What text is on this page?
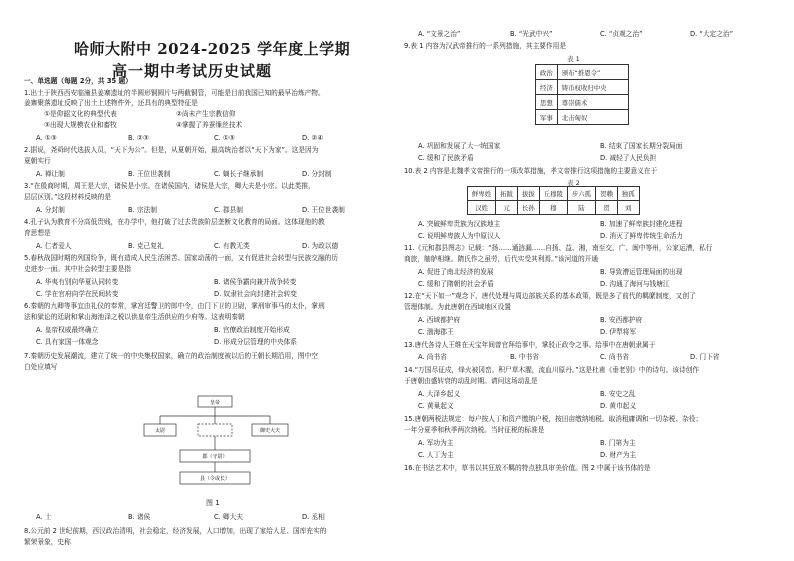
哈师大附中 2024-2025 学年度上学期
高一期中考试历史试题
一、单选题（每题 2分，共 35 题）
1.出土于陕西西安临潼县姜寨遗址的半圆形铜圆片与两截铜管，可能是目前我国已知的最早冶炼产物。
姜寨聚落遗址反映了出土上述物件外，还具有的典型特征是
①是仰韶文化的典型代表	②尚未产生宗教信仰
③出现大规模农业和畜牧	④掌握了养蚕缫丝技术
A. ①③	B. ②③	C. ①③	D. ②④
2.据说，尧舜时代选拔人员，“天下为公”。但是，从夏朝开始，最高统治者以“天下为家”。这是因为
夏朝实行
A. 禅让制	B. 王位世袭制	C. 嫡长子继承制	D. 分封制
3.“在殷商时期，周王是大宗，诸侯是小宗。在诸侯国内，诸侯是大宗，卿大夫是小宗。以此类推，
层层区别。”这段材料反映的是
A. 分封制	B. 宗法制	C. 郡县制	D. 王位世袭制
4.孔子认为教育不分高低贵贱，在办学中，他打破了过去贵族阶层垄断文化教育的局面。这体现他的教
育思想是
A. 仁者爱人	B. 克己复礼	C. 有教无类	D. 为政以德
5.春秋战国时期的列国纷争，既有造成人民生活困苦、国家动荡的一面，又有促进社会转型与民族交融的历
史进步一面。其中社会转型主要是指
A. 华夷有别向华夏认同转变	B. 诸侯争霸向兼并战争转变
C. 学在官府向学在民间转变	D. 奴隶社会向封建社会转变
6.秦朝的九卿等事宜由礼仪的奉常，掌宫廷警卫的郎中令，由门下卫的卫尉，掌刑审事马的太仆，掌刑
法和狱讼的廷尉和掌山海池泽之税以供皇帝生活供应的少府等。这表明秦朝
A. 皇帝权威最终确立	B. 官僚政治制度开始形成
C. 具有家国一体观念	D. 形成分层管理的中央体系
7.秦朝历史发展潮流，建立了统一的中央集权国家，确立的政治制度被以后的王朝长期沿用，图中空
白处应填写
皇帝
太尉	御史大夫
郡（守尉）
县（令或长）
图 1
A. 士	B. 诸侯	C. 卿大夫	D. 丞相
8.公元前 2 世纪前期，西汉政治清明，社会稳定，经济发展，人口增加，出现了家给人足、国库充实的
繁荣景象，史称
A. “文景之治”	B. “光武中兴”	C. “贞观之治”	D. “大定之治”
9.表 1 内容为汉武帝推行的一系列措施，其主要作用是
表 1
政治	颁布“推恩令”
经济	铸币权收归中央
思想	尊崇儒术
军事	北击匈奴
A. 巩固和发展了大一统国家	B. 结束了国家长期分裂局面
C. 缓和了民族矛盾	D. 减轻了人民负担
10.表 2 内容是北魏孝文帝推行的一项改革措施，孝文帝推行这项措施的主要意义在于
表 2
鲜卑姓	拓跋	拔拔	丘穆陵	步六孤	贺赖	独孤
汉姓	元	长孙	穆	陆	贺	刘
A. 突破鲜卑贵族为汉族地主	B. 加速了鲜卑族封建化进程
C. 说明鲜卑族人为中原汉人	D. 消灭了鲜卑传统生命活力
11.《元和郡县图志》记载：“扬……通涟漏……自扬、益、湘，南至交、广、闽中等州，公家运漕，私行
商旅，舳舻相继。隋氏作之虽劳，后代实受其利焉。”该河道的开通
A. 促进了南北经济的发展	B. 导致漕运管理局面的出现
C. 缓和了隋朝的社会矛盾	D. 沟通了海河与钱塘江
12.在“天下如一”观念下，唐代处理与周边部族关系的基本政策，既是多了前代的羁縻制度，又创了
管理体制。为此唐朝在西域地区设置
A. 西域都护府	B. 安西都护府
C. 渤海郡王	D. 伊犁将军
13.唐代各诗人王维在天宝年间曾官拜给事中，掌驳正政令之事。给事中在唐朝隶属于
A. 尚书省	B. 中书省	C. 尚书省	D. 门下省
14.“万国尽征戍，烽火被冈峦。积尸草木腥，流血川原丹。”这是杜甫《垂老别》中的诗句。该诗创作
于唐朝由盛转衰的动乱时期。请问这场动乱是
A. 大泽乡起义	B. 安史之乱
C. 黄巢起义	D. 黄巾起义
15.唐朝两税法规定：每户按人丁和资产缴纳户税，按田亩缴纳地税。取消租庸调和一切杂税、杂役；
一年分夏季和秋季两次纳税。当时征税的标准是
A. 军功为主	B. 门第为主
C. 人丁为主	D. 财产为主
16.在书法艺术中，草书以其狂放不羁的特点独具审美价值。图 2 中属于该书体的是
